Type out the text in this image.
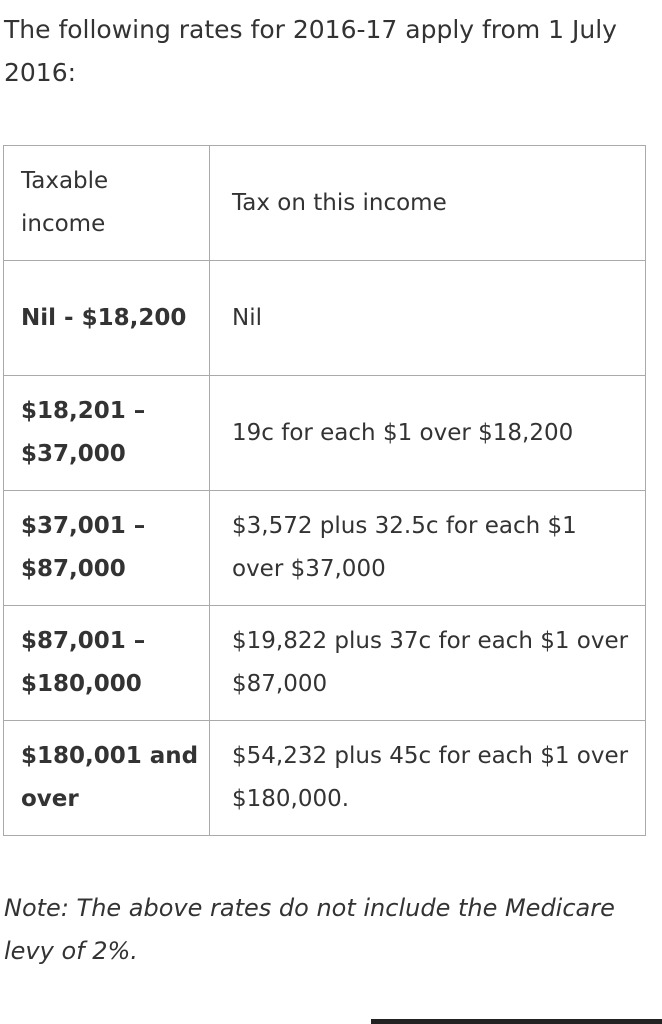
The following rates for 2016-17 apply from 1 July 2016:

Taxable income	Tax on this income
Nil - $18,200	Nil
$18,201 – $37,000	19c for each $1 over $18,200
$37,001 – $87,000	$3,572 plus 32.5c for each $1 over $37,000
$87,001 – $180,000	$19,822 plus 37c for each $1 over $87,000
$180,001 and over	$54,232 plus 45c for each $1 over $180,000.

Note: The above rates do not include the Medicare levy of 2%.
